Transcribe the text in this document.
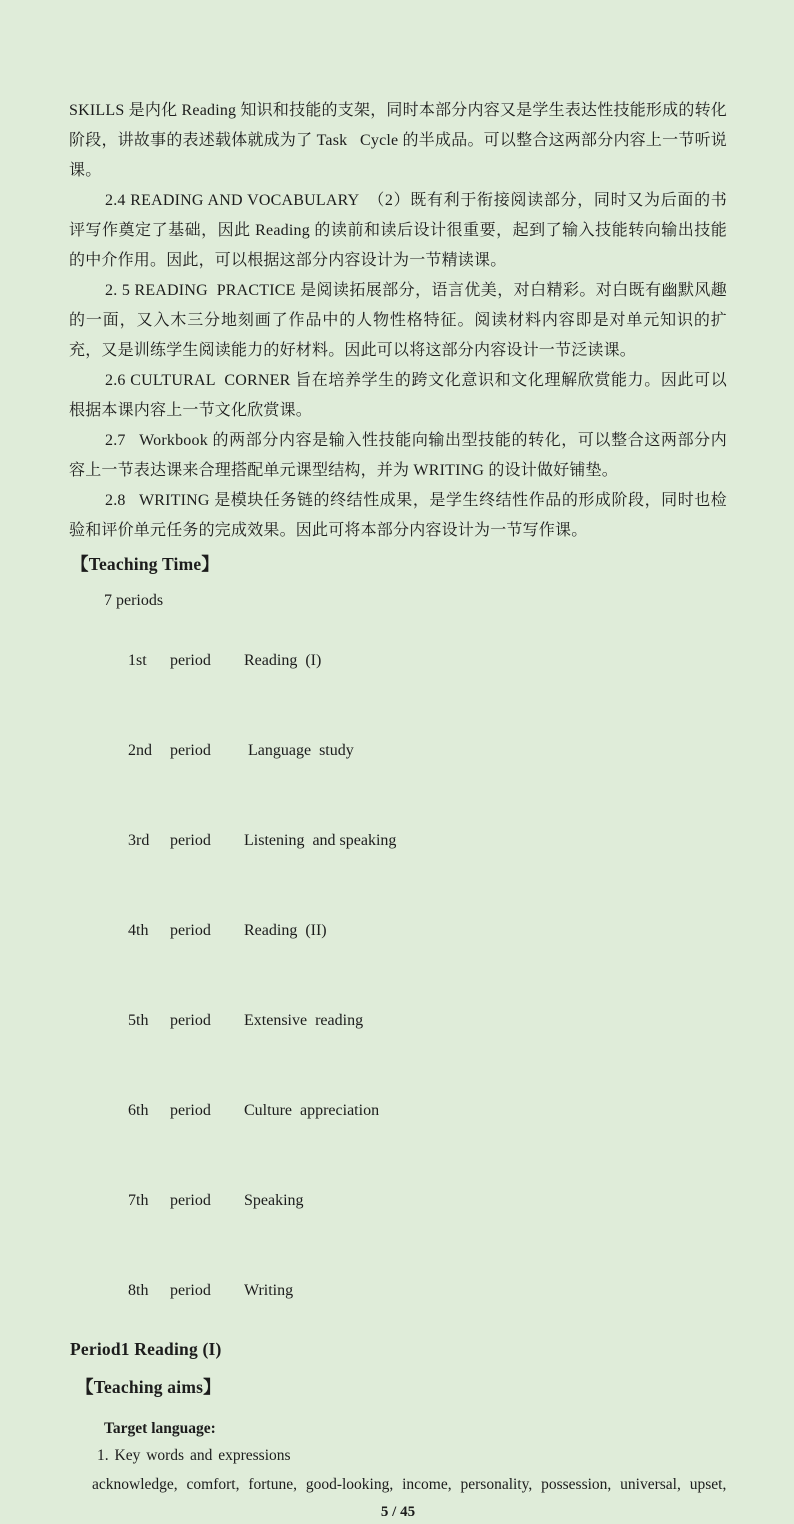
SKILLS 是内化 Reading 知识和技能的支架，同时本部分内容又是学生表达性技能形成的转化阶段，讲故事的表述载体就成为了 Task   Cycle 的半成品。可以整合这两部分内容上一节听说课。

2.4 READING AND VOCABULARY  （2）既有利于衔接阅读部分，同时又为后面的书评写作奠定了基础，因此 Reading 的读前和读后设计很重要，起到了输入技能转向输出技能的中介作用。因此，可以根据这部分内容设计为一节精读课。

2. 5 READING  PRACTICE 是阅读拓展部分，语言优美，对白精彩。对白既有幽默风趣的一面，又入木三分地刻画了作品中的人物性格特征。阅读材料内容即是对单元知识的扩充，又是训练学生阅读能力的好材料。因此可以将这部分内容设计一节泛读课。

2.6 CULTURAL  CORNER 旨在培养学生的跨文化意识和文化理解欣赏能力。因此可以根据本课内容上一节文化欣赏课。

2.7   Workbook 的两部分内容是输入性技能向输出型技能的转化，可以整合这两部分内容上一节表达课来合理搭配单元课型结构，并为 WRITING 的设计做好铺垫。

2.8   WRITING 是模块任务链的终结性成果，是学生终结性作品的形成阶段，同时也检验和评价单元任务的完成效果。因此可将本部分内容设计为一节写作课。

【Teaching Time】

7 periods

1st period Reading  (I)

2nd period Language  study

3rd period Listening  and speaking

4th period Reading  (II)

5th period Extensive  reading

6th period Culture  appreciation

7th period Speaking

8th period Writing

Period1 Reading (I)
【Teaching aims】

Target language:

1. Key words and expressions

acknowledge, comfort, fortune, good-looking, income, personality, possession, universal, upset,

5 / 45
